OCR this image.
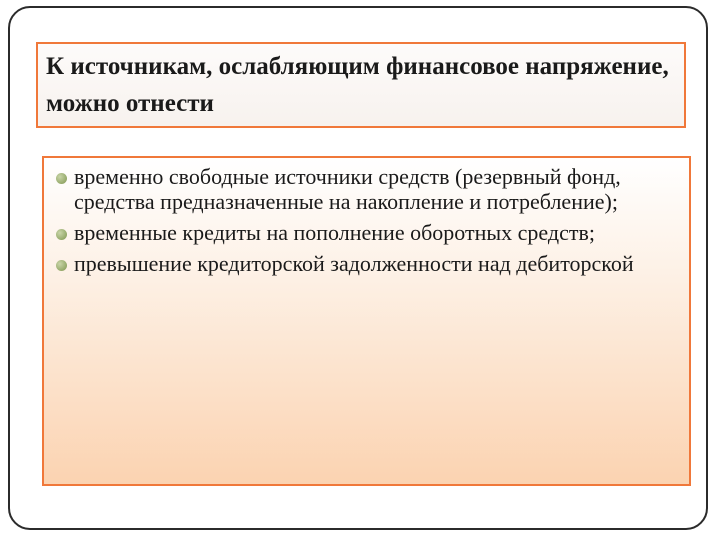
К источникам, ослабляющим финансовое напряжение, можно отнести

временно свободные источники средств (резервный фонд, средства предназначенные на накопление и потребление);
временные кредиты на пополнение оборотных средств;
превышение кредиторской задолженности над дебиторской
